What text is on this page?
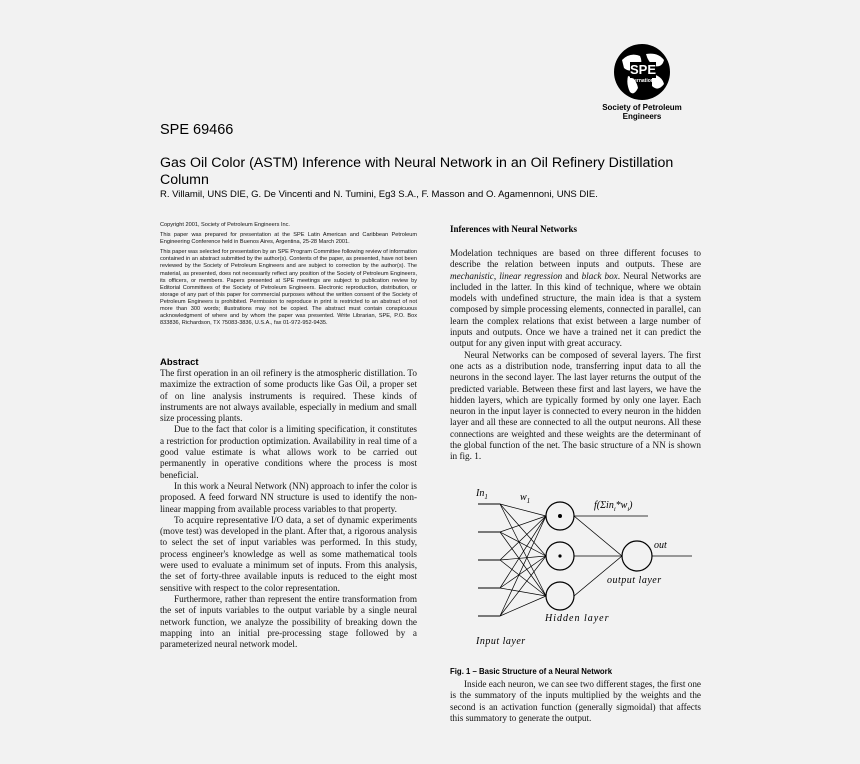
SPE
International
Society of Petroleum Engineers
SPE 69466
Gas Oil Color (ASTM) Inference with Neural Network in an Oil Refinery Distillation Column
R. Villamil, UNS DIE, G. De Vincenti and N. Tumini, Eg3 S.A., F. Masson and O. Agamennoni, UNS DIE.

Copyright 2001, Society of Petroleum Engineers Inc.

This paper was prepared for presentation at the SPE Latin American and Caribbean Petroleum Engineering Conference held in Buenos Aires, Argentina, 25-28 March 2001.

This paper was selected for presentation by an SPE Program Committee following review of information contained in an abstract submitted by the author(s). Contents of the paper, as presented, have not been reviewed by the Society of Petroleum Engineers and are subject to correction by the author(s). The material, as presented, does not necessarily reflect any position of the Society of Petroleum Engineers, its officers, or members. Papers presented at SPE meetings are subject to publication review by Editorial Committees of the Society of Petroleum Engineers. Electronic reproduction, distribution, or storage of any part of this paper for commercial purposes without the written consent of the Society of Petroleum Engineers is prohibited. Permission to reproduce in print is restricted to an abstract of not more than 300 words; illustrations may not be copied. The abstract must contain conspicuous acknowledgment of where and by whom the paper was presented. Write Librarian, SPE, P.O. Box 833836, Richardson, TX 75083-3836, U.S.A., fax 01-972-952-9435.

Abstract

The first operation in an oil refinery is the atmospheric distillation. To maximize the extraction of some products like Gas Oil, a proper set of on line analysis instruments is required. These kinds of instruments are not always available, especially in medium and small size processing plants.

Due to the fact that color is a limiting specification, it constitutes a restriction for production optimization. Availability in real time of a good value estimate is what allows work to be carried out permanently in operative conditions where the process is most beneficial.

In this work a Neural Network (NN) approach to infer the color is proposed. A feed forward NN structure is used to identify the non-linear mapping from available process variables to that property.

To acquire representative I/O data, a set of dynamic experiments (move test) was developed in the plant. After that, a rigorous analysis to select the set of input variables was performed. In this study, process engineer's knowledge as well as some mathematical tools were used to evaluate a minimum set of inputs. From this analysis, the set of forty-three available inputs is reduced to the eight most sensitive with respect to the color representation.

Furthermore, rather than represent the entire transformation from the set of inputs variables to the output variable by a single neural network function, we analyze the possibility of breaking down the mapping into an initial pre-processing stage followed by a parameterized neural network model.

Inferences with Neural Networks

Modelation techniques are based on three different focuses to describe the relation between inputs and outputs. These are mechanistic, linear regression and black box. Neural Networks are included in the latter. In this kind of technique, where we obtain models with undefined structure, the main idea is that a system composed by simple processing elements, connected in parallel, can learn the complex relations that exist between a large number of inputs and outputs. Once we have a trained net it can predict the output for any given input with great accuracy.

Neural Networks can be composed of several layers. The first one acts as a distribution node, transferring input data to all the neurons in the second layer. The last layer returns the output of the predicted variable. Between these first and last layers, we have the hidden layers, which are typically formed by only one layer. Each neuron in the input layer is connected to every neuron in the hidden layer and all these are connected to all the output neurons. All these connections are weighted and these weights are the determinant of the global function of the net. The basic structure of a NN is shown in fig. 1.

$In_1$	$w_1$	$f(\Sigma in_i*w_i)$
out
output layer
Hidden layer
Input layer
Fig. 1 – Basic Structure of a Neural Network

Inside each neuron, we can see two different stages, the first one is the summatory of the inputs multiplied by the weights and the second is an activation function (generally sigmoidal) that affects this summatory to generate the output.
